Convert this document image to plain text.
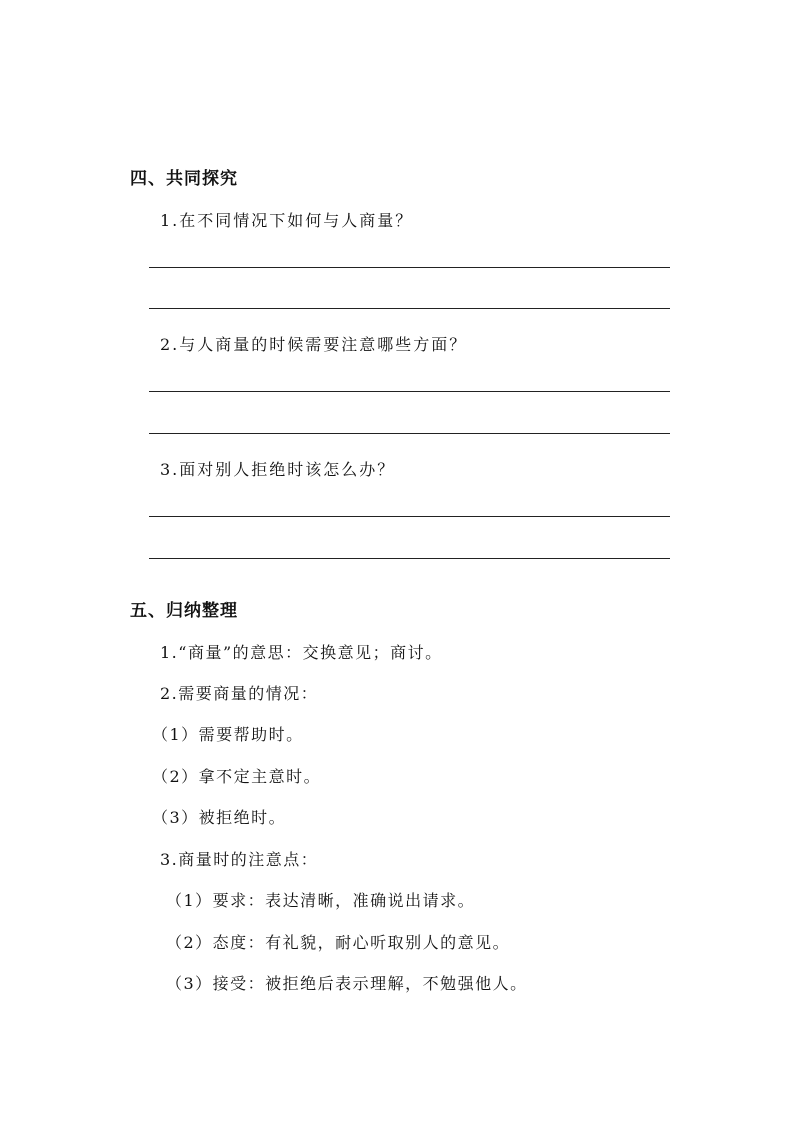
四、共同探究
1.在不同情况下如何与人商量？
2.与人商量的时候需要注意哪些方面？
3.面对别人拒绝时该怎么办？
五、归纳整理
1.“商量”的意思：交换意见；商讨。
2.需要商量的情况：
（1）需要帮助时。
（2）拿不定主意时。
（3）被拒绝时。
3.商量时的注意点：
（1）要求：表达清晰，准确说出请求。
（2）态度：有礼貌，耐心听取别人的意见。
（3）接受：被拒绝后表示理解，不勉强他人。
